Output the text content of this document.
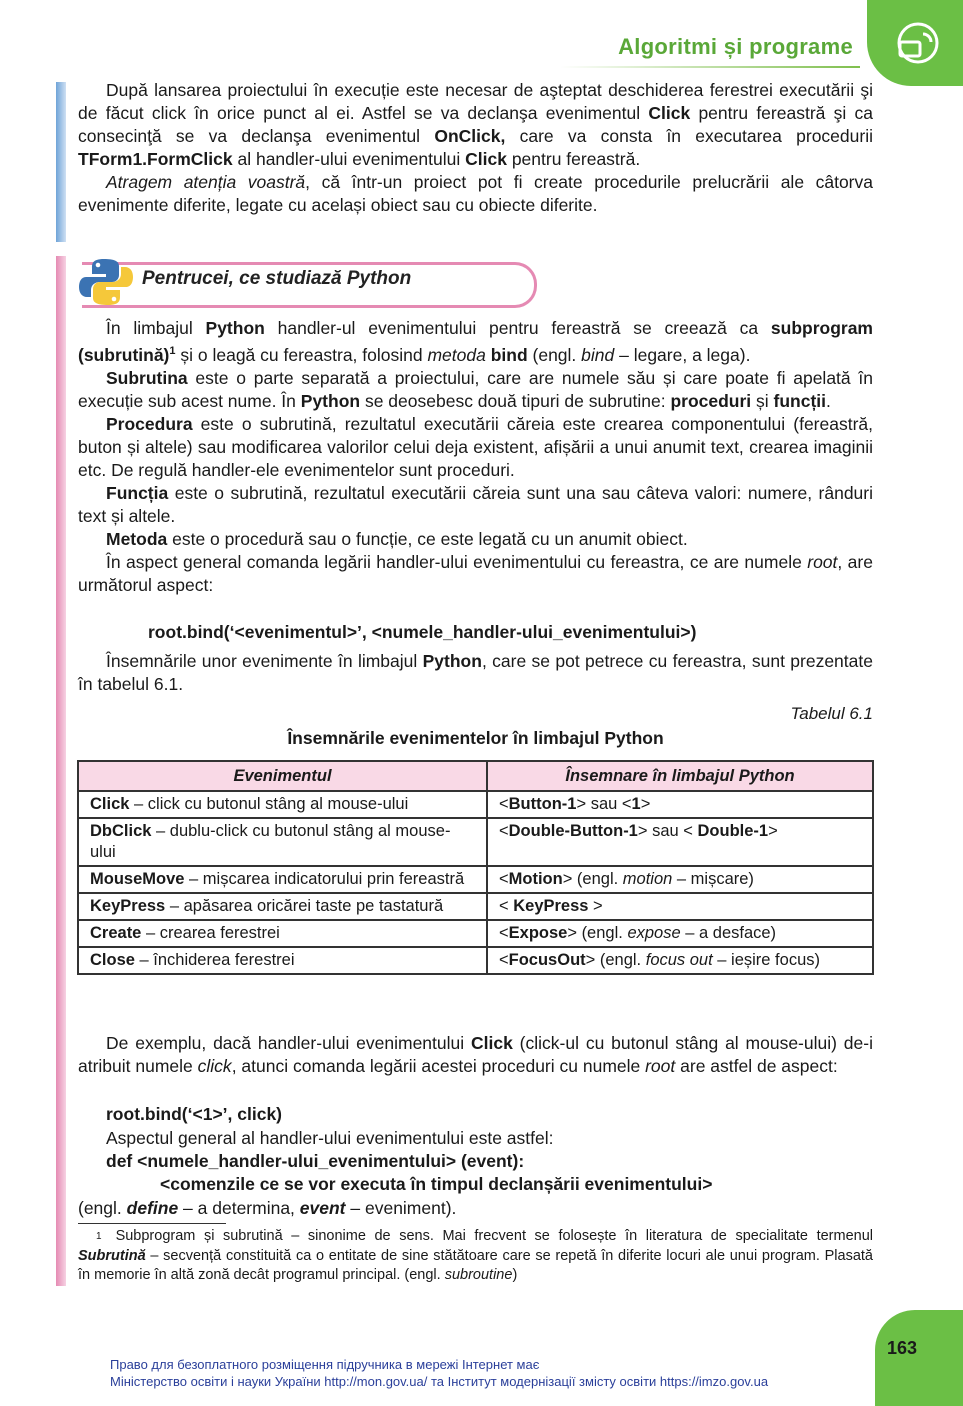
Algoritmi și programe

După lansarea proiectului în execuție este necesar de aşteptat deschiderea ferestrei executării şi de făcut click în orice punct al ei. Astfel se va declanşa evenimentul Click pentru fereastră şi ca consecinţă se va declanşa evenimentul OnClick, care va consta în executarea procedurii TForm1.FormClick al handler-ului evenimentului Click pentru fereastră.

Atragem atenția voastră, că într-un proiect pot fi create procedurile prelucrării ale câtorva evenimente diferite, legate cu același obiect sau cu obiecte diferite.

Pentrucei, ce studiază Python

În limbajul Python handler-ul evenimentului pentru fereastră se creează ca subprogram (subrutină)$^1$ și o leagă cu fereastra, folosind metoda bind (engl. bind – legare, a lega).

Subrutina este o parte separată a proiectului, care are numele său și care poate fi apelată în execuție sub acest nume. În Python se deosebesc două tipuri de subrutine: proceduri și funcții.

Procedura este o subrutină, rezultatul executării căreia este crearea componentului (fereastră, buton și altele) sau modificarea valorilor celui deja existent, afișării a unui anumit text, crearea imaginii etc. De regulă handler-ele evenimentelor sunt proceduri.

Funcția este o subrutină, rezultatul executării căreia sunt una sau câteva valori: numere, rânduri text și altele.

Metoda este o procedură sau o funcție, ce este legată cu un anumit obiect.

În aspect general comanda legării handler-ului evenimentului cu fereastra, ce are numele root, are următorul aspect:

root.bind(‘<evenimentul>’, <numele_handler-ului_evenimentului>)

Însemnările unor evenimente în limbajul Python, care se pot petrece cu fereastra, sunt prezentate în tabelul 6.1.

Tabelul 6.1
Însemnările evenimentelor în limbajul Python
Evenimentul	Însemnare în limbajul Python
Click – click cu butonul stâng al mouse-ului	<Button-1> sau <1>
DbClick – dublu-click cu butonul stâng al mouse-ului	<Double-Button-1> sau < Double-1>
MouseMove – mișcarea indicatorului prin fereastră	<Motion> (engl. motion – mișcare)
KeyPress – apăsarea oricărei taste pe tastatură	< KeyPress >
Create – crearea ferestrei	<Expose> (engl. expose – a desface)
Close – închiderea ferestrei	<FocusOut> (engl. focus out – ieșire focus)

De exemplu, dacă handler-ului evenimentului Click (click-ul cu butonul stâng al mouse-ului) de-i atribuit numele click, atunci comanda legării acestei proceduri cu numele root are astfel de aspect:

root.bind(‘<1>’, click)

Aspectul general al handler-ului evenimentului este astfel:

def <numele_handler-ului_evenimentului> (event):
<comenzile ce se vor executa în timpul declanșării evenimentului>

(engl. define – a determina, event – eveniment).

$^1$ Subprogram și subrutină – sinonime de sens. Mai frecvent se folosește în literatura de specialitate termenul Subrutină – secvență constituită ca o entitate de sine stătătoare care se repetă în diferite locuri ale unui program. Plasată în memorie în altă zonă decât programul principal. (engl. subroutine)
163
Право для безоплатного розміщення підручника в мережі Інтернет має
Міністерство освіти і науки України http://mon.gov.ua/ та Інститут модернізації змісту освіти https://imzo.gov.ua
